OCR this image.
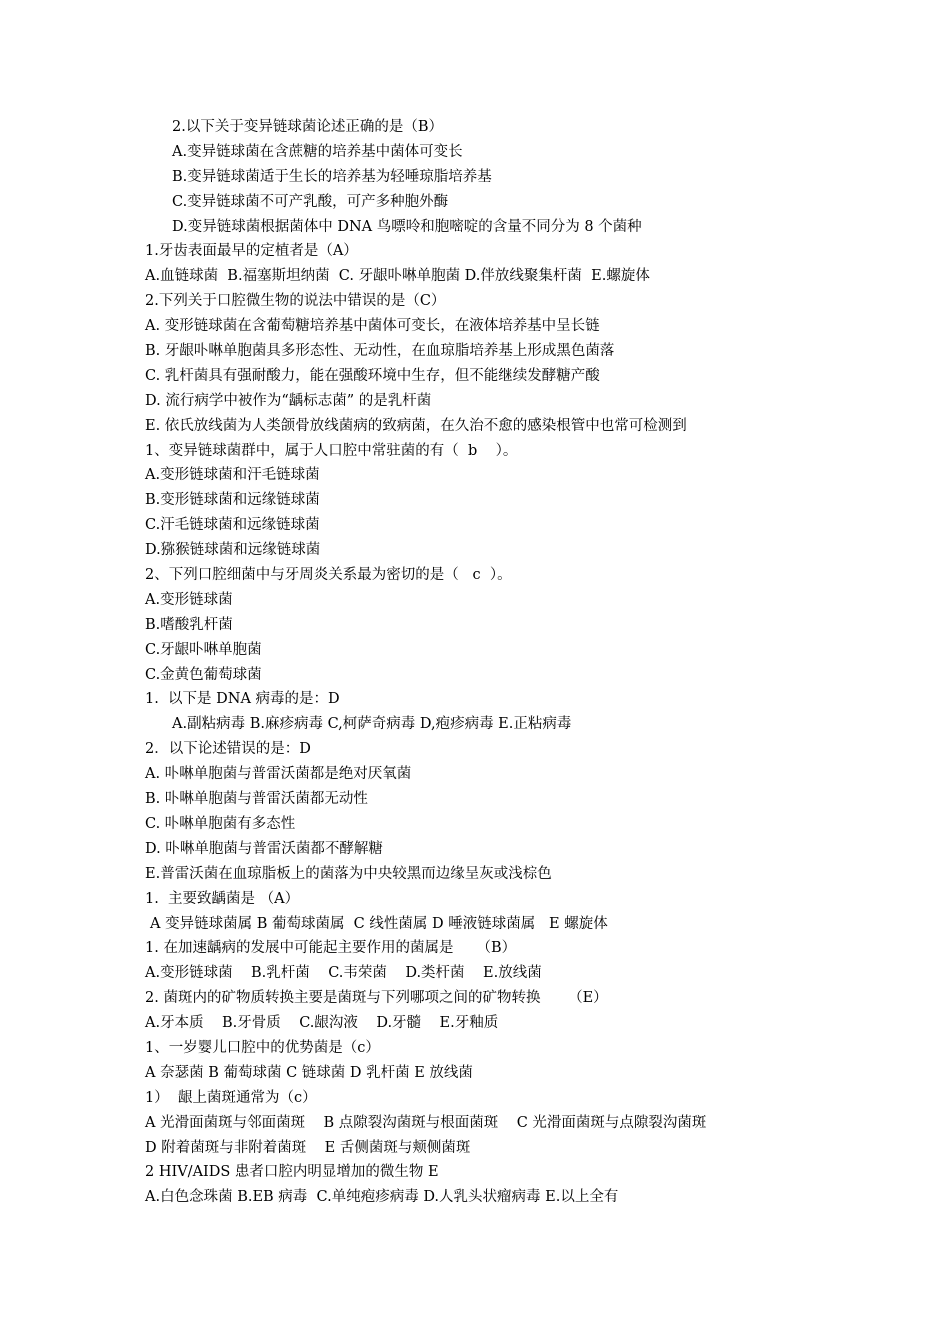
2.以下关于变异链球菌论述正确的是（B）
A.变异链球菌在含蔗糖的培养基中菌体可变长
B.变异链球菌适于生长的培养基为轻唾琼脂培养基
C.变异链球菌不可产乳酸，可产多种胞外酶
D.变异链球菌根据菌体中 DNA 鸟嘌呤和胞嘧啶的含量不同分为 8 个菌种
1.牙齿表面最早的定植者是（A）
A.血链球菌  B.福塞斯坦纳菌  C. 牙龈卟啉单胞菌 D.伴放线聚集杆菌  E.螺旋体
2.下列关于口腔微生物的说法中错误的是（C）
A. 变形链球菌在含葡萄糖培养基中菌体可变长，在液体培养基中呈长链
B. 牙龈卟啉单胞菌具多形态性、无动性，在血琼脂培养基上形成黑色菌落
C. 乳杆菌具有强耐酸力，能在强酸环境中生存，但不能继续发酵糖产酸
D. 流行病学中被作为“龋标志菌” 的是乳杆菌
E. 依氏放线菌为人类颌骨放线菌病的致病菌，在久治不愈的感染根管中也常可检测到
1、变异链球菌群中，属于人口腔中常驻菌的有（  b    ）。
A.变形链球菌和汗毛链球菌
B.变形链球菌和远缘链球菌
C.汗毛链球菌和远缘链球菌
D.猕猴链球菌和远缘链球菌
2、下列口腔细菌中与牙周炎关系最为密切的是（   c  ）。
A.变形链球菌
B.嗜酸乳杆菌
C.牙龈卟啉单胞菌
C.金黄色葡萄球菌
1.  以下是 DNA 病毒的是：D
A.副粘病毒 B.麻疹病毒 C,柯萨奇病毒 D,疱疹病毒 E.正粘病毒
2．以下论述错误的是：D
A. 卟啉单胞菌与普雷沃菌都是绝对厌氧菌
B. 卟啉单胞菌与普雷沃菌都无动性
C. 卟啉单胞菌有多态性
D. 卟啉单胞菌与普雷沃菌都不酵解糖
E.普雷沃菌在血琼脂板上的菌落为中央较黑而边缘呈灰或浅棕色
1.  主要致龋菌是 （A）
A 变异链球菌属 B 葡萄球菌属  C 线性菌属 D 唾液链球菌属   E 螺旋体
1. 在加速龋病的发展中可能起主要作用的菌属是     （B）
A.变形链球菌    B.乳杆菌    C.韦荣菌    D.类杆菌    E.放线菌
2. 菌斑内的矿物质转换主要是菌斑与下列哪项之间的矿物转换      （E）
A.牙本质    B.牙骨质    C.龈沟液    D.牙髓    E.牙釉质
1、一岁婴儿口腔中的优势菌是（c）
A 奈瑟菌 B 葡萄球菌 C 链球菌 D 乳杆菌 E 放线菌
1）  龈上菌斑通常为（c）
A 光滑面菌斑与邻面菌斑    B 点隙裂沟菌斑与根面菌斑    C 光滑面菌斑与点隙裂沟菌斑
D 附着菌斑与非附着菌斑    E 舌侧菌斑与颊侧菌斑
2 HIV/AIDS 患者口腔内明显增加的微生物 E
A.白色念珠菌 B.EB 病毒  C.单纯疱疹病毒 D.人乳头状瘤病毒 E.以上全有
